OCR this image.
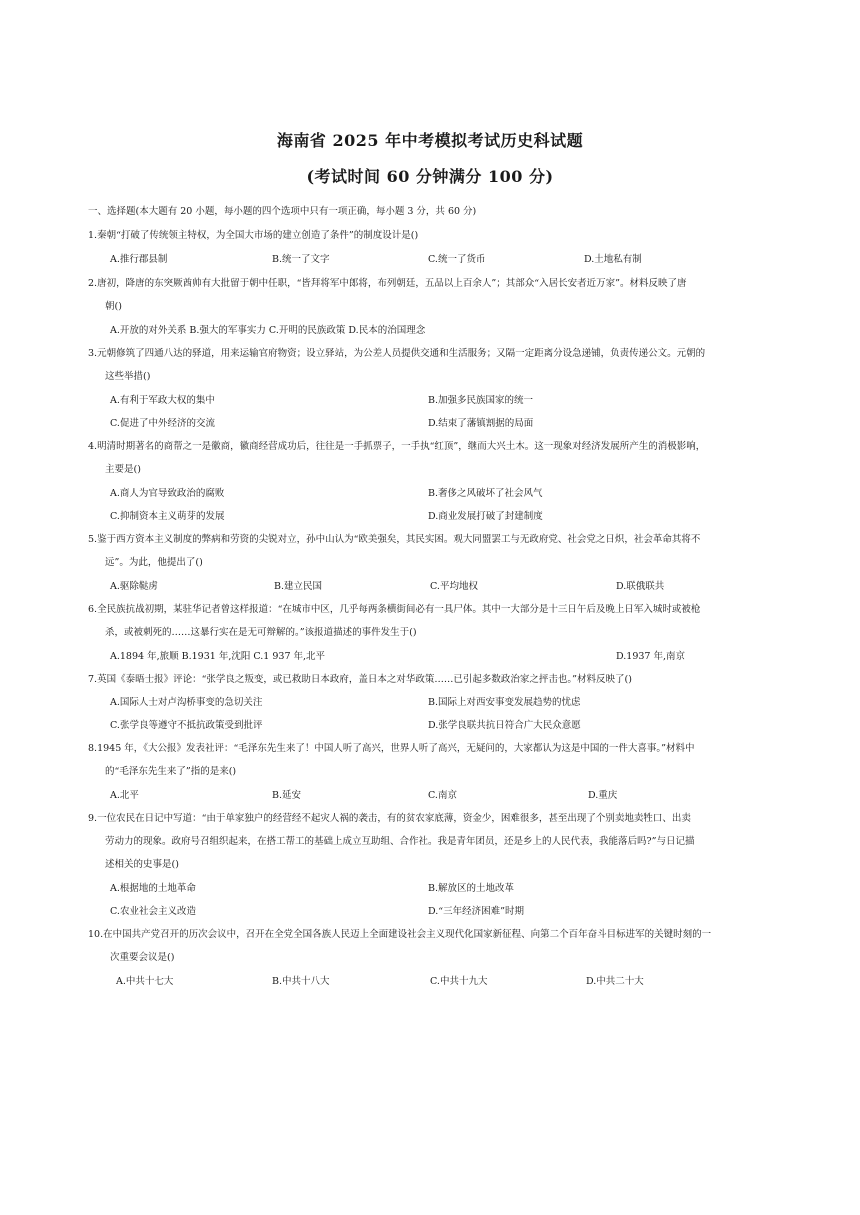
海南省 2025 年中考模拟考试历史科试题
(考试时间 60 分钟满分 100 分)
一、选择题(本大题有 20 小题，每小题的四个选项中只有一项正确，每小题 3 分，共 60 分)
1.秦朝“打破了传统领主特权，为全国大市场的建立创造了条件”的制度设计是()
A.推行郡县制	B.统一了文字	C.统一了货币	D.土地私有制
2.唐初，降唐的东突厥酋帅有大批留于朝中任职，“皆拜将军中郎将，布列朝廷，五品以上百余人”；其部众“入居长安者近万家”。材料反映了唐
朝()
A.开放的对外关系 B.强大的军事实力 C.开明的民族政策 D.民本的治国理念
3.元朝修筑了四通八达的驿道，用来运输官府物资；设立驿站，为公差人员提供交通和生活服务；又隔一定距离分设急递铺，负责传递公文。元朝的
这些举措()
A.有利于军政大权的集中	B.加强多民族国家的统一
C.促进了中外经济的交流	D.结束了藩镇割据的局面
4.明清时期著名的商帮之一是徽商，徽商经营成功后，往往是一手抓票子，一手执“红顶”，继而大兴土木。这一现象对经济发展所产生的消极影响，
主要是()
A.商人为官导致政治的腐败	B.奢侈之风破坏了社会风气
C.抑制资本主义萌芽的发展	D.商业发展打破了封建制度
5.鉴于西方资本主义制度的弊病和劳资的尖锐对立，孙中山认为“欧美强矣，其民实困。观大同盟罢工与无政府党、社会党之日炽，社会革命其将不
远”。为此，他提出了()
A.驱除鞑虏	B.建立民国	C.平均地权	D.联俄联共
6.全民族抗战初期，某驻华记者曾这样报道：“在城市中区，几乎每两条横街间必有一具尸体。其中一大部分是十三日午后及晚上日军入城时或被枪
杀，或被刺死的……这暴行实在是无可辩解的。”该报道描述的事件发生于()
A.1894 年,旅顺 B.1931 年,沈阳 C.1 937 年,北平	D.1937 年,南京
7.英国《泰晤士报》评论：“张学良之叛变，或已救助日本政府，盖日本之对华政策……已引起多数政治家之抨击也。”材料反映了()
A.国际人士对卢沟桥事变的急切关注	B.国际上对西安事变发展趋势的忧虑
C.张学良等遵守不抵抗政策受到批评	D.张学良联共抗日符合广大民众意愿
8.1945 年，《大公报》发表社评：“毛泽东先生来了！中国人听了高兴，世界人听了高兴，无疑问的，大家都认为这是中国的一件大喜事。”材料中
的“毛泽东先生来了”指的是来()
A.北平	B.延安	C.南京	D.重庆
9.一位农民在日记中写道：“由于单家独户的经营经不起灾人祸的袭击，有的贫农家底薄，资金少，困难很多，甚至出现了个别卖地卖牲口、出卖
劳动力的现象。政府号召组织起来，在搭工帮工的基础上成立互助组、合作社。我是青年团员，还是乡上的人民代表，我能落后吗?”与日记描
述相关的史事是()
A.根据地的土地革命	B.解放区的土地改革
C.农业社会主义改造	D.“三年经济困难”时期
10.在中国共产党召开的历次会议中，召开在全党全国各族人民迈上全面建设社会主义现代化国家新征程、向第二个百年奋斗目标进军的关键时刻的一
次重要会议是()
A.中共十七大	B.中共十八大	C.中共十九大	D.中共二十大
